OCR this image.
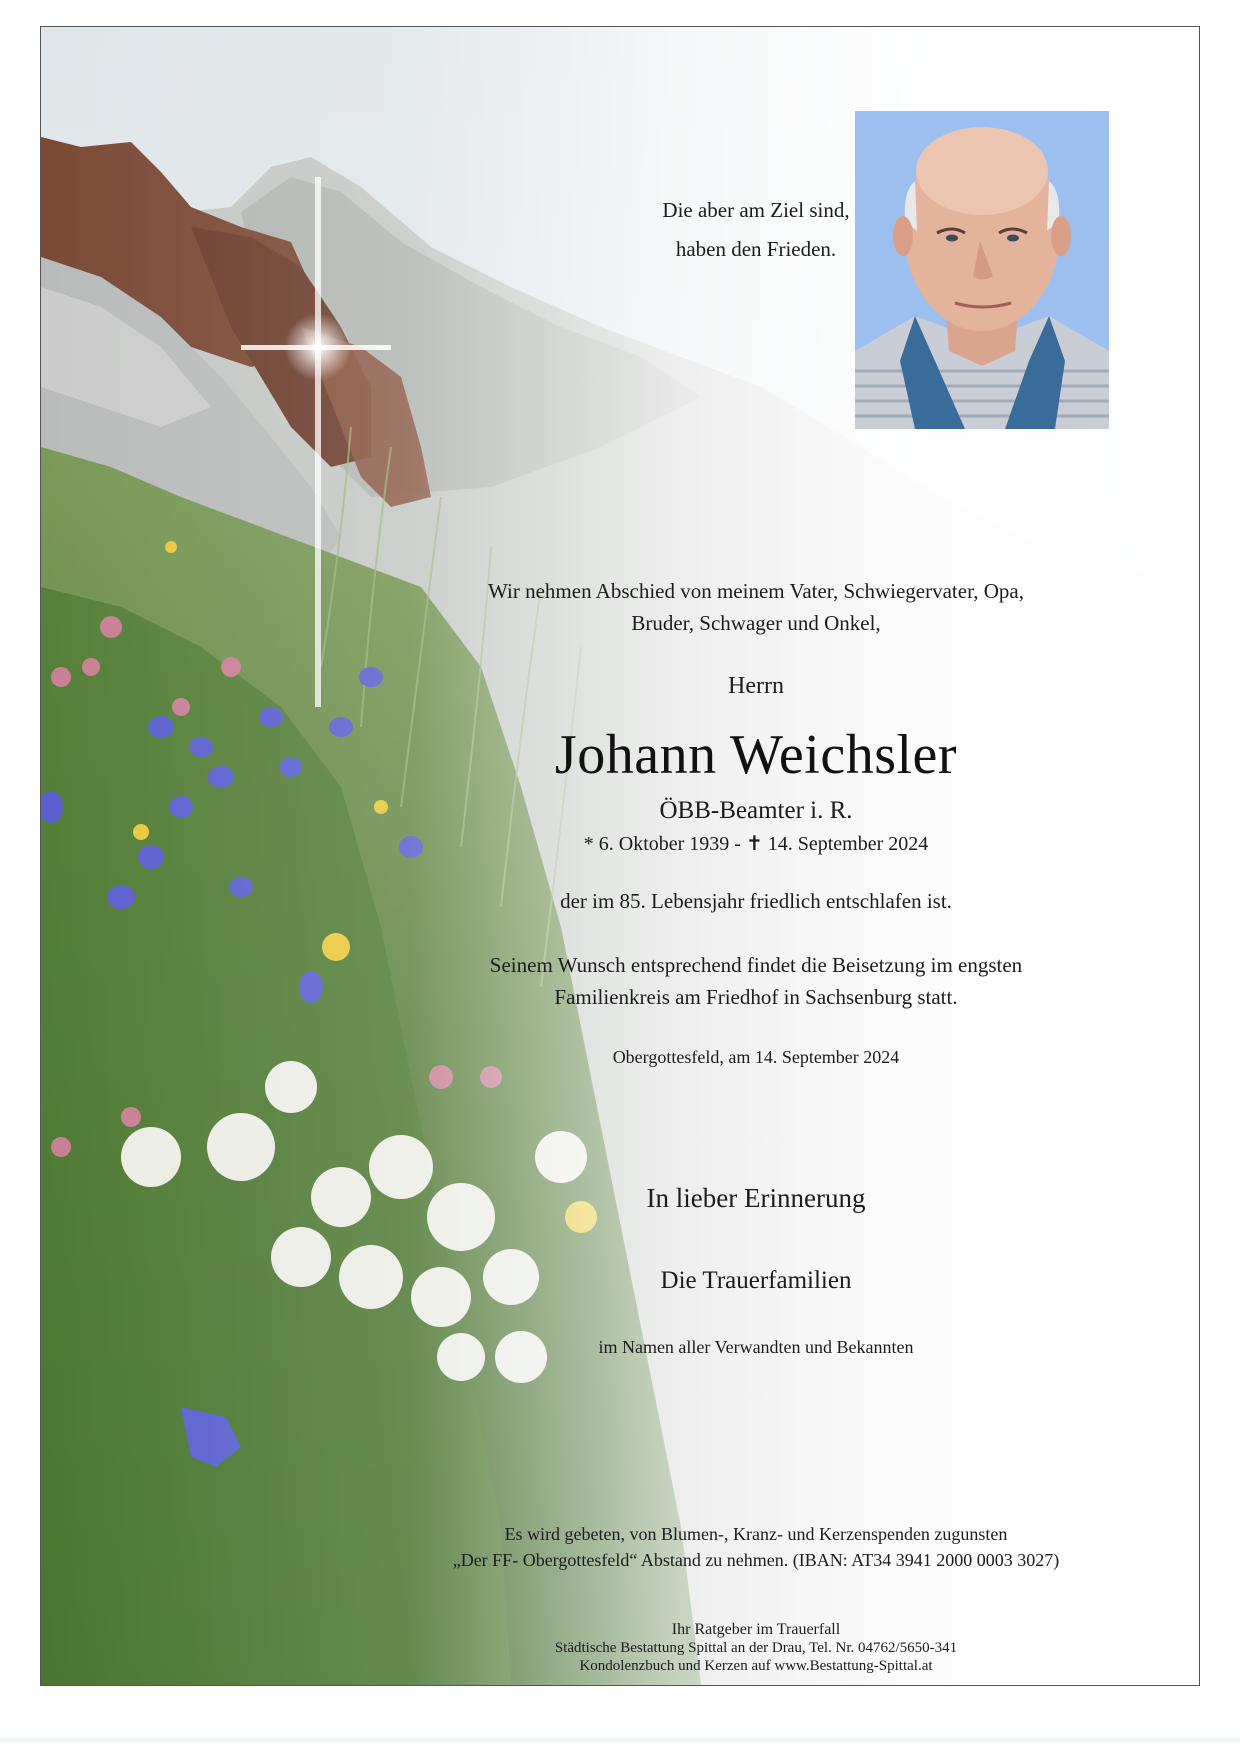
Die aber am Ziel sind,
haben den Frieden.
Wir nehmen Abschied von meinem Vater, Schwiegervater, Opa,
Bruder, Schwager und Onkel,
Herrn
Johann Weichsler
ÖBB-Beamter i. R.
* 6. Oktober 1939 - ✝ 14. September 2024
der im 85. Lebensjahr friedlich entschlafen ist.
Seinem Wunsch entsprechend findet die Beisetzung im engsten
Familienkreis am Friedhof in Sachsenburg statt.
Obergottesfeld, am 14. September 2024
In lieber Erinnerung
Die Trauerfamilien
im Namen aller Verwandten und Bekannten
Es wird gebeten, von Blumen-, Kranz- und Kerzenspenden zugunsten
„Der FF- Obergottesfeld“ Abstand zu nehmen. (IBAN: AT34 3941 2000 0003 3027)
Ihr Ratgeber im Trauerfall
Städtische Bestattung Spittal an der Drau, Tel. Nr. 04762/5650-341
Kondolenzbuch und Kerzen auf www.Bestattung-Spittal.at
